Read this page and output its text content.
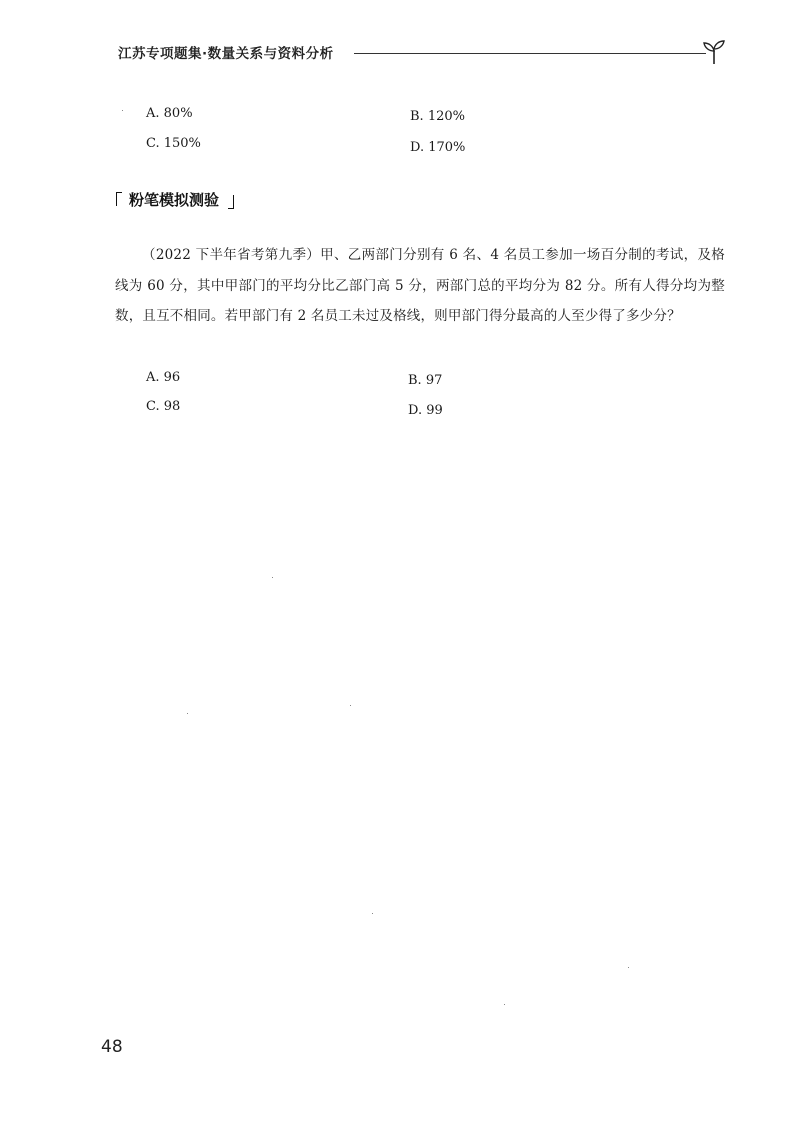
江苏专项题集·数量关系与资料分析
A. 80%	B. 120%
C. 150%	D. 170%
粉笔模拟测验
（2022 下半年省考第九季）甲、乙两部门分别有 6 名、4 名员工参加一场百分制的考试，及格线为 60 分，其中甲部门的平均分比乙部门高 5 分，两部门总的平均分为 82 分。所有人得分均为整数，且互不相同。若甲部门有 2 名员工未过及格线，则甲部门得分最高的人至少得了多少分？
A. 96	B. 97
C. 98	D. 99
48
